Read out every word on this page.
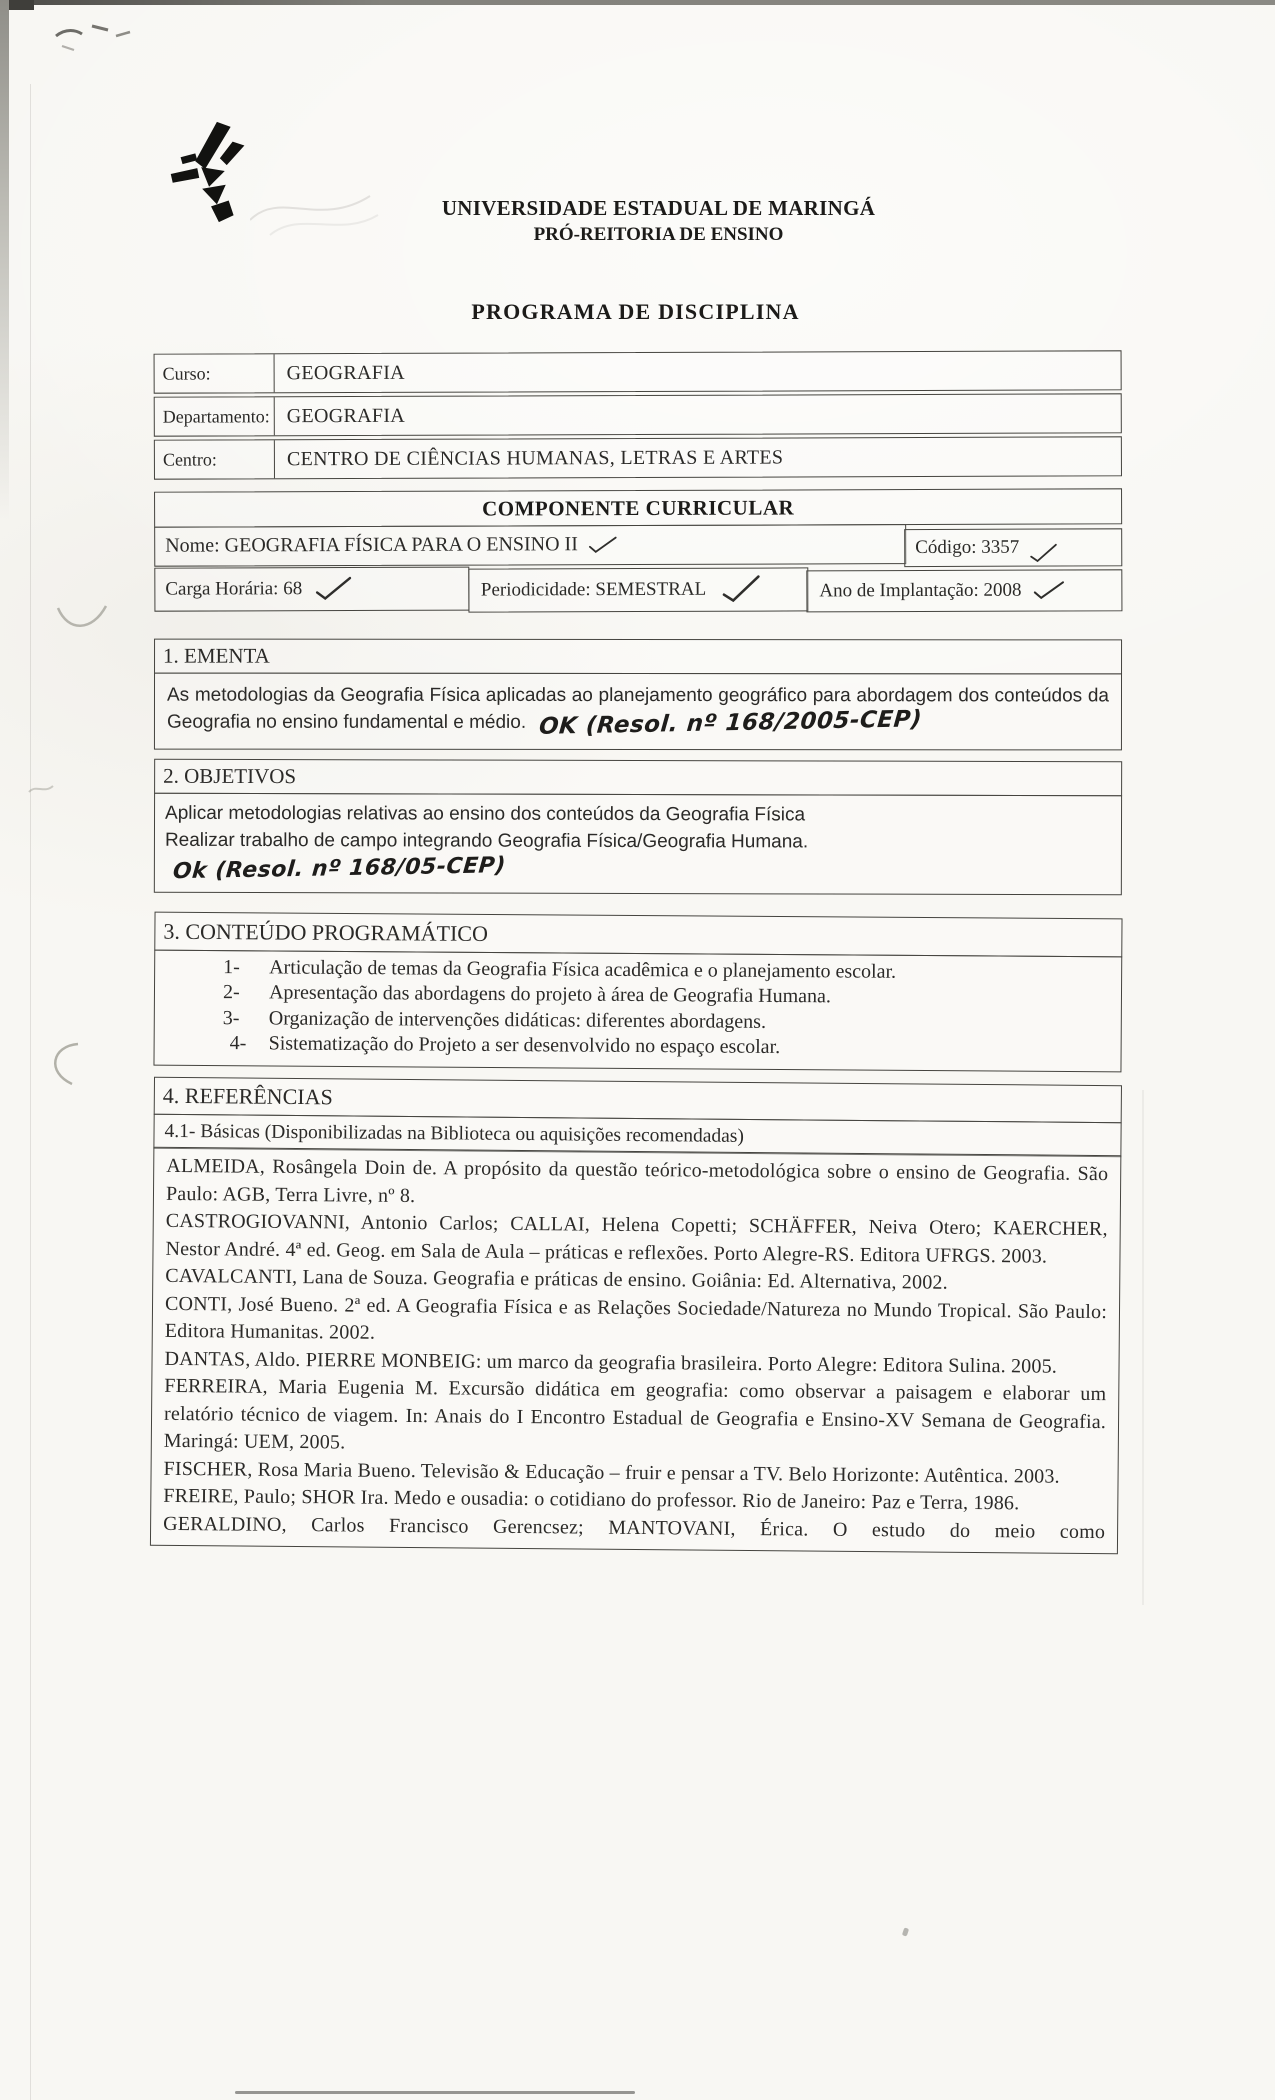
UNIVERSIDADE ESTADUAL DE MARINGÁ
PRÓ-REITORIA DE ENSINO
PROGRAMA DE DISCIPLINA
Curso:	GEOGRAFIA
Departamento: GEOGRAFIA
Centro:	CENTRO DE CIÊNCIAS HUMANAS, LETRAS E ARTES
COMPONENTE CURRICULAR
Nome: GEOGRAFIA FÍSICA PARA O ENSINO II	Código: 3357
Carga Horária: 68	Periodicidade: SEMESTRAL	Ano de Implantação: 2008
1. EMENTA
As metodologias da Geografia Física aplicadas ao planejamento geográfico para abordagem dos conteúdos da Geografia no ensino fundamental e médio. OK (Resol. nº 168/2005-CEP)
2. OBJETIVOS
Aplicar metodologias relativas ao ensino dos conteúdos da Geografia Física
Realizar trabalho de campo integrando Geografia Física/Geografia Humana. Ok (Resol. nº 168/05-CEP)
3. CONTEÚDO PROGRAMÁTICO
1-	Articulação de temas da Geografia Física acadêmica e o planejamento escolar.
2-	Apresentação das abordagens do projeto à área de Geografia Humana.
3-	Organização de intervenções didáticas: diferentes abordagens.
4-	Sistematização do Projeto a ser desenvolvido no espaço escolar.
4. REFERÊNCIAS
4.1- Básicas (Disponibilizadas na Biblioteca ou aquisições recomendadas)

ALMEIDA, Rosângela Doin de. A propósito da questão teórico-metodológica sobre o ensino de Geografia. São Paulo: AGB, Terra Livre, nº 8.

CASTROGIOVANNI, Antonio Carlos; CALLAI, Helena Copetti; SCHÄFFER, Neiva Otero; KAERCHER, Nestor André. 4ª ed. Geog. em Sala de Aula – práticas e reflexões. Porto Alegre-RS. Editora UFRGS. 2003.

CAVALCANTI, Lana de Souza. Geografia e práticas de ensino. Goiânia: Ed. Alternativa, 2002.

CONTI, José Bueno. 2ª ed. A Geografia Física e as Relações Sociedade/Natureza no Mundo Tropical. São Paulo: Editora Humanitas. 2002.

DANTAS, Aldo. PIERRE MONBEIG: um marco da geografia brasileira. Porto Alegre: Editora Sulina. 2005.

FERREIRA, Maria Eugenia M. Excursão didática em geografia: como observar a paisagem e elaborar um relatório técnico de viagem. In: Anais do I Encontro Estadual de Geografia e Ensino-XV Semana de Geografia. Maringá: UEM, 2005.

FISCHER, Rosa Maria Bueno. Televisão & Educação – fruir e pensar a TV. Belo Horizonte: Autêntica. 2003.

FREIRE, Paulo; SHOR Ira. Medo e ousadia: o cotidiano do professor. Rio de Janeiro: Paz e Terra, 1986.

GERALDINO, Carlos Francisco Gerencsez; MANTOVANI, Érica. O estudo do meio como
